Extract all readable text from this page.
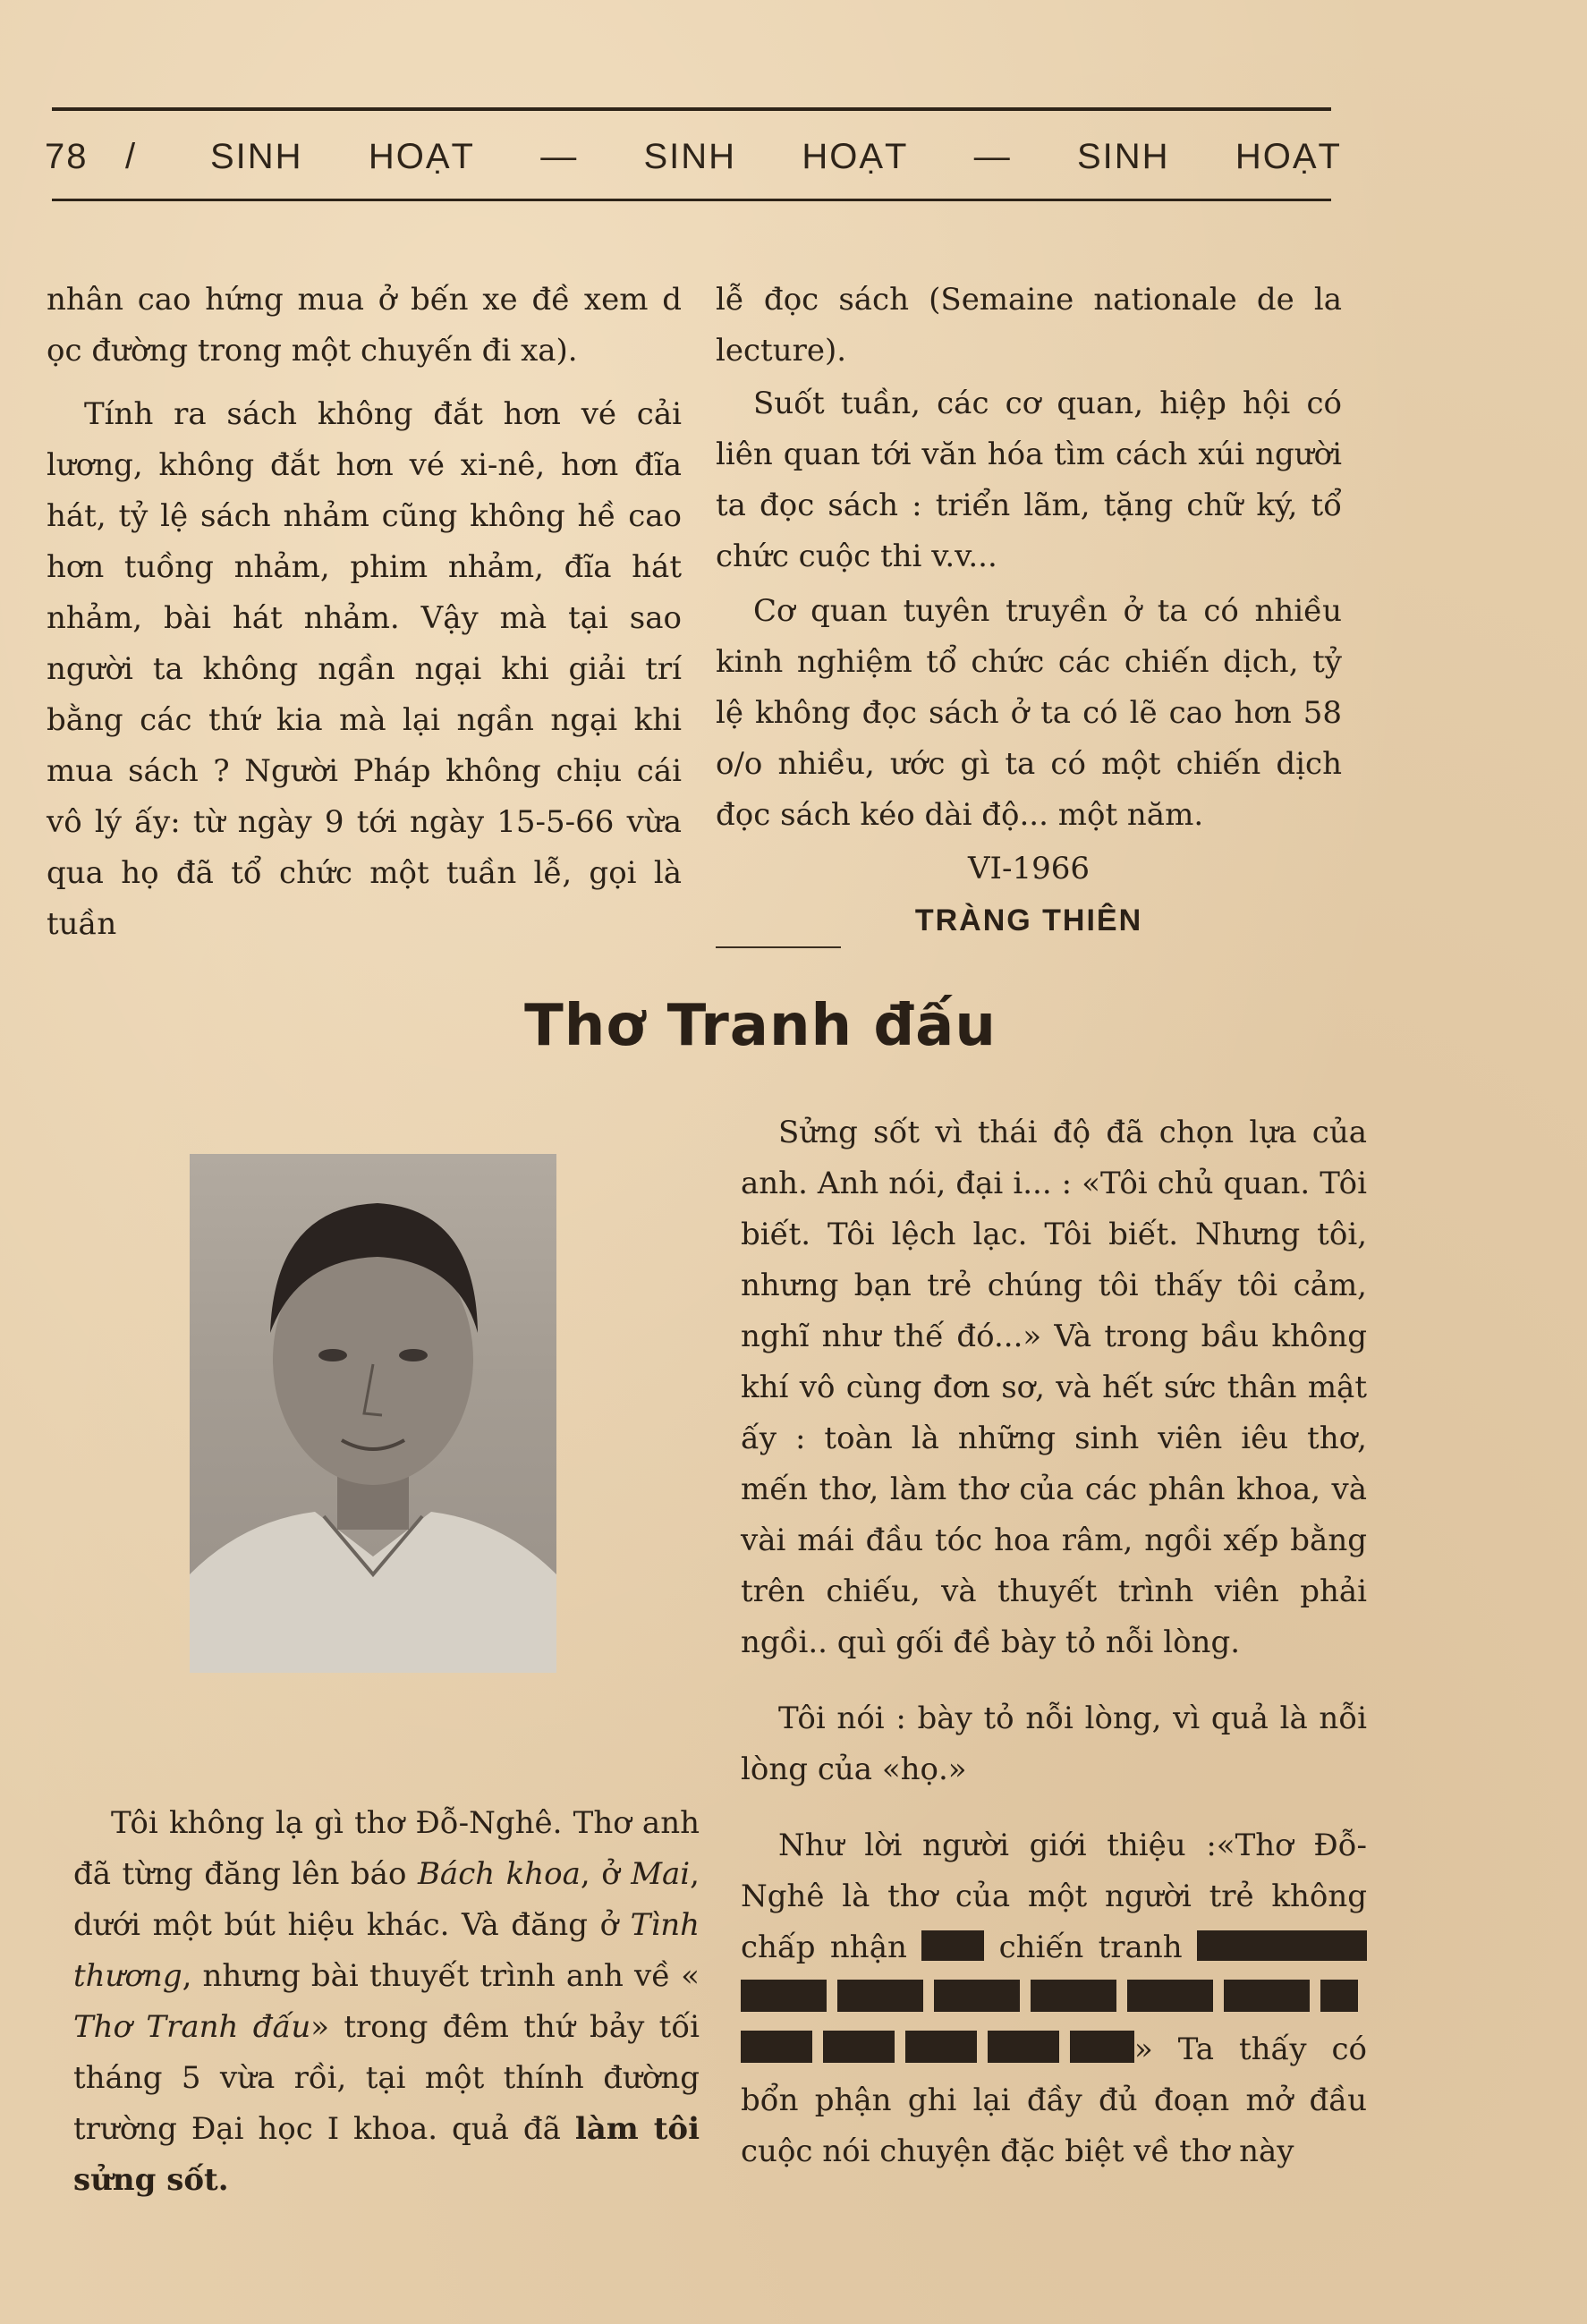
78	/	SINH HOẠT — SINH HOẠT — SINH HOẠT

nhân cao hứng mua ở bến xe đề xem d ọc đường trong một chuyến đi xa).

Tính ra sách không đắt hơn vé cải lương, không đắt hơn vé xi-nê, hơn đĩa hát, tỷ lệ sách nhảm cũng không hề cao hơn tuồng nhảm, phim nhảm, đĩa hát nhảm, bài hát nhảm. Vậy mà tại sao người ta không ngần ngại khi giải trí bằng các thứ kia mà lại ngần ngại khi mua sách ? Người Pháp không chịu cái vô lý ấy: từ ngày 9 tới ngày 15-5-66 vừa qua họ đã tổ chức một tuần lễ, gọi là tuần

lễ đọc sách (Semaine nationale de la lecture).

Suốt tuần, các cơ quan, hiệp hội có liên quan tới văn hóa tìm cách xúi người ta đọc sách : triển lãm, tặng chữ ký, tổ chức cuộc thi v.v...

Cơ quan tuyên truyền ở ta có nhiều kinh nghiệm tổ chức các chiến dịch, tỷ lệ không đọc sách ở ta có lẽ cao hơn 58 o/o nhiều, ước gì ta có một chiến dịch đọc sách kéo dài độ... một năm.

VI-1966
TRÀNG THIÊN
Thơ Tranh đấu

Tôi không lạ gì thơ Đỗ-Nghê. Thơ anh đã từng đăng lên báo Bách khoa, ở Mai, dưới một bút hiệu khác. Và đăng ở Tình thương, nhưng bài thuyết trình anh về « Thơ Tranh đấu» trong đêm thứ bảy tối tháng 5 vừa rồi, tại một thính đường trường Đại học I khoa. quả đã làm tôi sửng sốt.

Sửng sốt vì thái độ đã chọn lựa của anh. Anh nói, đại i... : «Tôi chủ quan. Tôi biết. Tôi lệch lạc. Tôi biết. Nhưng tôi, nhưng bạn trẻ chúng tôi thấy tôi cảm, nghĩ như thế đó...» Và trong bầu không khí vô cùng đơn sơ, và hết sức thân mật ấy : toàn là những sinh viên iêu thơ, mến thơ, làm thơ của các phân khoa, và vài mái đầu tóc hoa râm, ngồi xếp bằng trên chiếu, và thuyết trình viên phải ngồi.. quì gối đề bày tỏ nỗi lòng.

Tôi nói : bày tỏ nỗi lòng, vì quả là nỗi lòng của «họ.»

Như lời người giới thiệu :«Thơ Đỗ-Nghê là thơ của một người trẻ không chấp nhận	chiến tranh   » Ta thấy có bổn phận ghi lại đầy đủ đoạn mở đầu cuộc nói chuyện đặc biệt về thơ này
